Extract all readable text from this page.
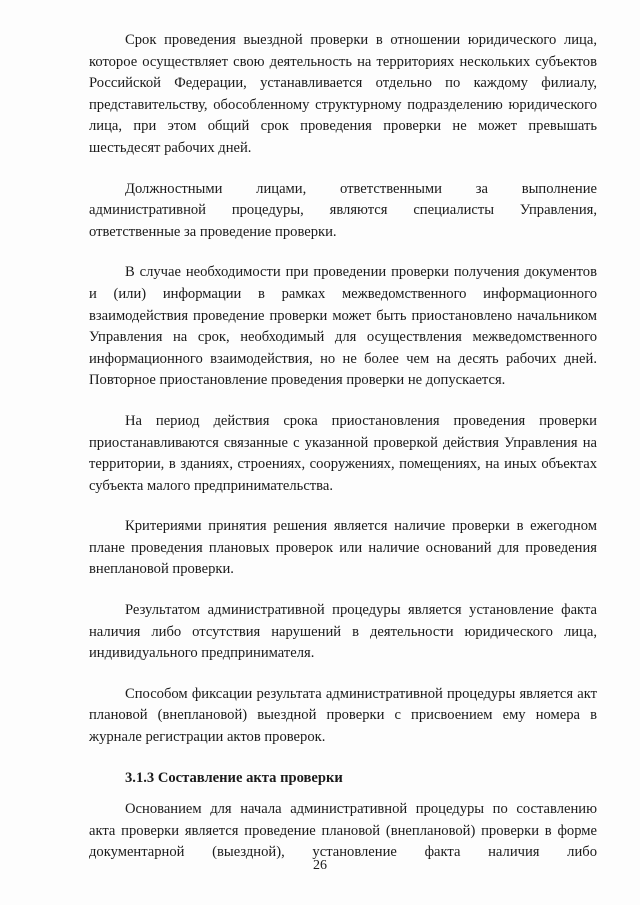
Срок проведения выездной проверки в отношении юридического лица, которое осуществляет свою деятельность на территориях нескольких субъектов Российской Федерации, устанавливается отдельно по каждому филиалу, представительству, обособленному структурному подразделению юридического лица, при этом общий срок проведения проверки не может превышать шестьдесят рабочих дней.

Должностными лицами, ответственными за выполнение административной процедуры, являются специалисты Управления, ответственные за проведение проверки.

В случае необходимости при проведении проверки получения документов и (или) информации в рамках межведомственного информационного взаимодействия проведение проверки может быть приостановлено начальником Управления на срок, необходимый для осуществления межведомственного информационного взаимодействия, но не более чем на десять рабочих дней. Повторное приостановление проведения проверки не допускается.

На период действия срока приостановления проведения проверки приостанавливаются связанные с указанной проверкой действия Управления на территории, в зданиях, строениях, сооружениях, помещениях, на иных объектах субъекта малого предпринимательства.

Критериями принятия решения является наличие проверки в ежегодном плане проведения плановых проверок или наличие оснований для проведения внеплановой проверки.

Результатом административной процедуры является установление факта наличия либо отсутствия нарушений в деятельности юридического лица, индивидуального предпринимателя.

Способом фиксации результата административной процедуры является акт плановой (внеплановой) выездной проверки с присвоением ему номера в журнале регистрации актов проверок.

3.1.3 Составление акта проверки

Основанием для начала административной процедуры по составлению акта проверки является проведение плановой (внеплановой) проверки в форме документарной (выездной), установление факта наличия либо

26
